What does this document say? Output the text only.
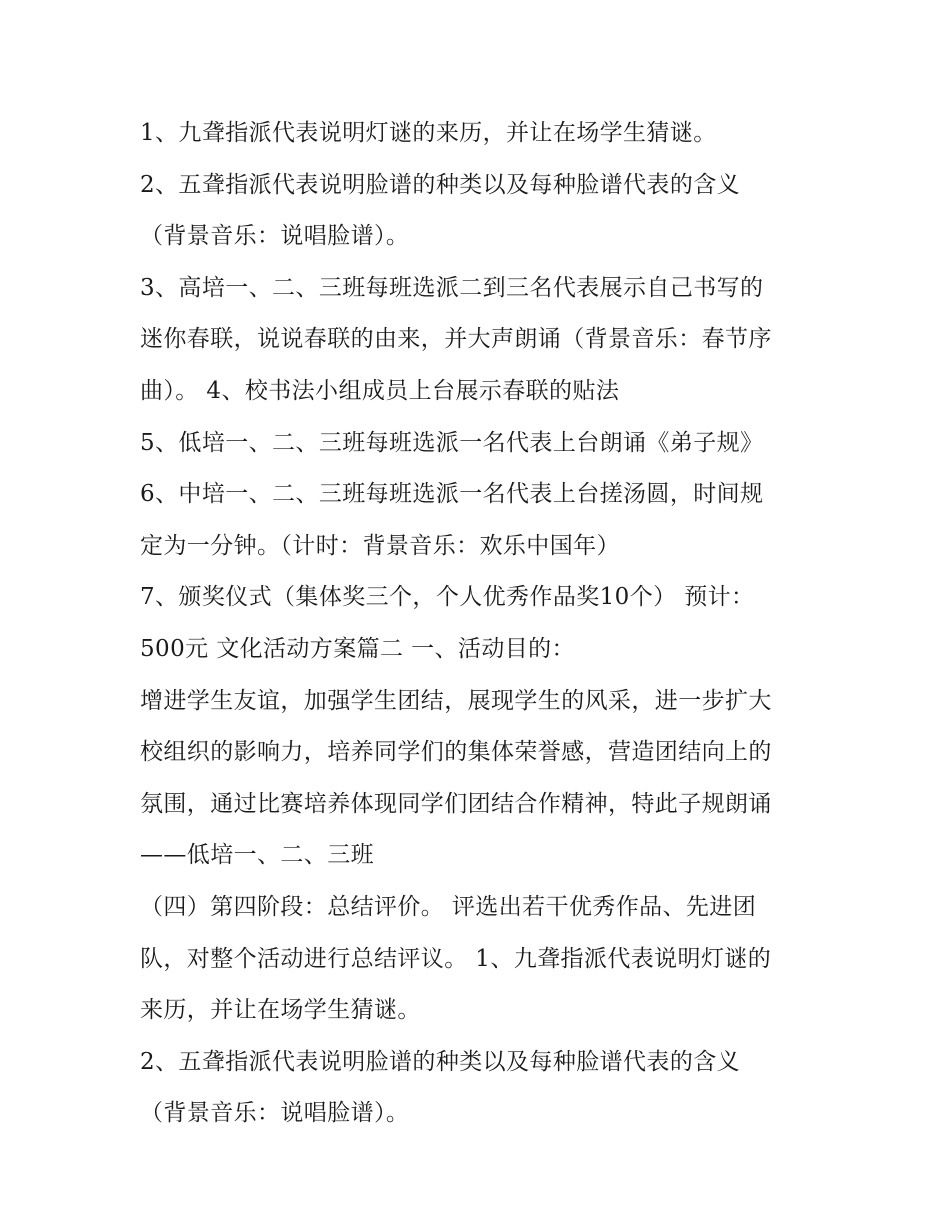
1、九聋指派代表说明灯谜的来历，并让在场学生猜谜。
2、五聋指派代表说明脸谱的种类以及每种脸谱代表的含义
（背景音乐：说唱脸谱）。
3、高培一、二、三班每班选派二到三名代表展示自己书写的
迷你春联，说说春联的由来，并大声朗诵（背景音乐：春节序
曲）。 4、校书法小组成员上台展示春联的贴法
5、低培一、二、三班每班选派一名代表上台朗诵《弟子规》
6、中培一、二、三班每班选派一名代表上台搓汤圆，时间规
定为一分钟。（计时：背景音乐：欢乐中国年）
7、颁奖仪式（集体奖三个，个人优秀作品奖10个） 预计：
500元 文化活动方案篇二 一、活动目的：
增进学生友谊，加强学生团结，展现学生的风采，进一步扩大
校组织的影响力，培养同学们的集体荣誉感，营造团结向上的
氛围，通过比赛培养体现同学们团结合作精神，特此子规朗诵
——低培一、二、三班
（四）第四阶段：总结评价。 评选出若干优秀作品、先进团
队，对整个活动进行总结评议。 1、九聋指派代表说明灯谜的
来历，并让在场学生猜谜。
2、五聋指派代表说明脸谱的种类以及每种脸谱代表的含义
（背景音乐：说唱脸谱）。
